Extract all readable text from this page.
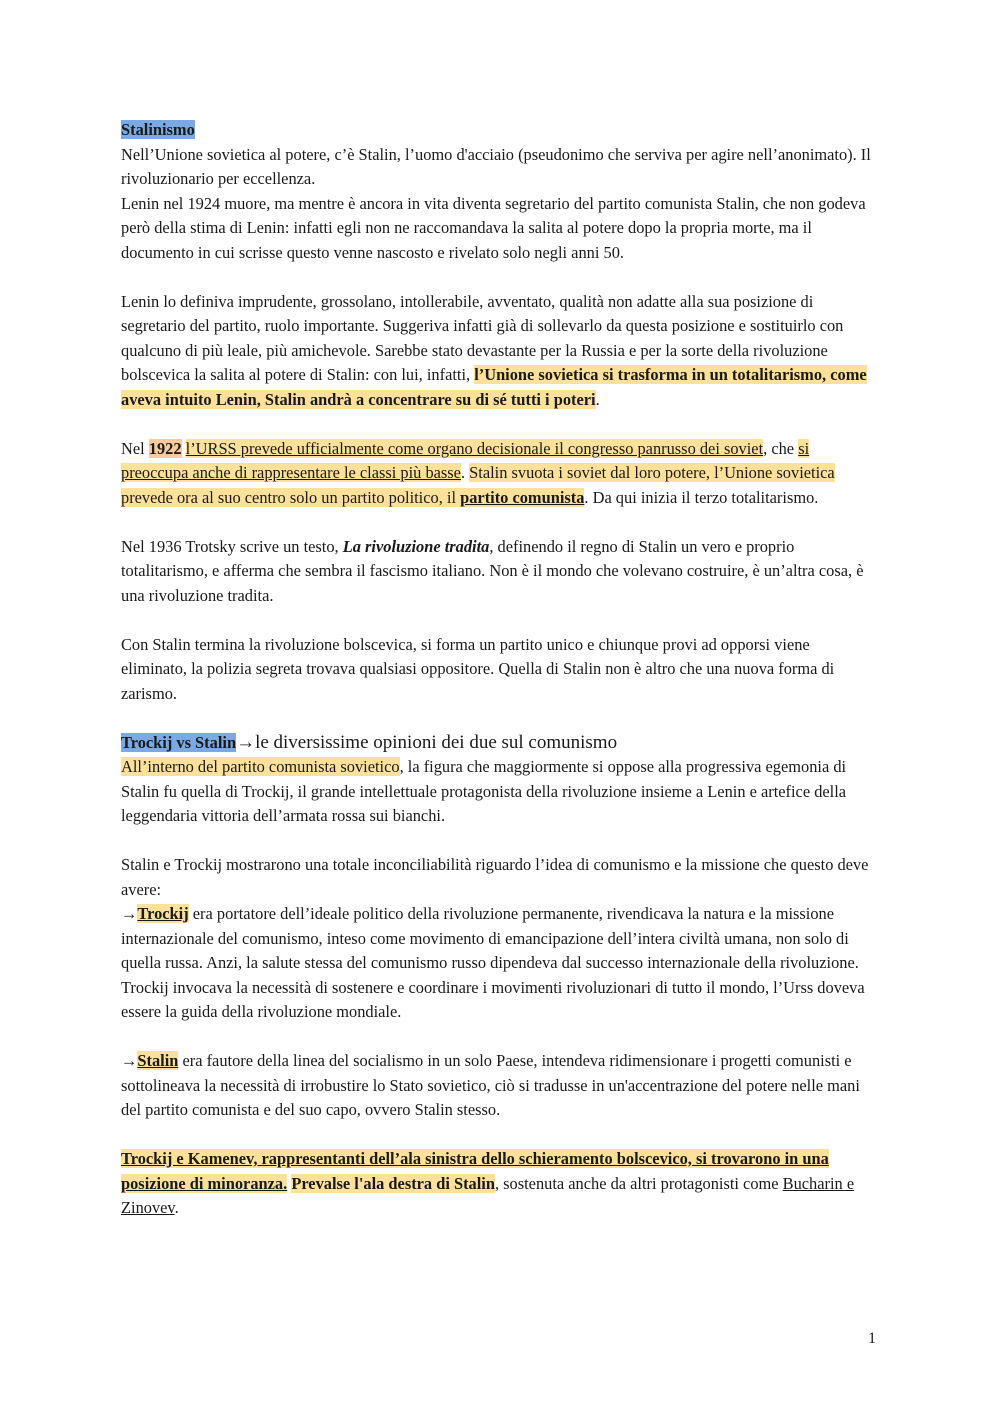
Stalinismo

Nell’Unione sovietica al potere, c’è Stalin, l’uomo d'acciaio (pseudonimo che serviva per agire nell’anonimato). Il rivoluzionario per eccellenza.

Lenin nel 1924 muore, ma mentre è ancora in vita diventa segretario del partito comunista Stalin, che non godeva però della stima di Lenin: infatti egli non ne raccomandava la salita al potere dopo la propria morte, ma il documento in cui scrisse questo venne nascosto e rivelato solo negli anni 50.

Lenin lo definiva imprudente, grossolano, intollerabile, avventato, qualità non adatte alla sua posizione di segretario del partito, ruolo importante. Suggeriva infatti già di sollevarlo da questa posizione e sostituirlo con qualcuno di più leale, più amichevole. Sarebbe stato devastante per la Russia e per la sorte della rivoluzione bolscevica la salita al potere di Stalin: con lui, infatti, l’Unione sovietica si trasforma in un totalitarismo, come aveva intuito Lenin, Stalin andrà a concentrare su di sé tutti i poteri.

Nel 1922 l’URSS prevede ufficialmente come organo decisionale il congresso panrusso dei soviet, che si preoccupa anche di rappresentare le classi più basse. Stalin svuota i soviet dal loro potere, l’Unione sovietica prevede ora al suo centro solo un partito politico, il partito comunista. Da qui inizia il terzo totalitarismo.

Nel 1936 Trotsky scrive un testo, La rivoluzione tradita, definendo il regno di Stalin un vero e proprio totalitarismo, e afferma che sembra il fascismo italiano. Non è il mondo che volevano costruire, è un’altra cosa, è una rivoluzione tradita.

Con Stalin termina la rivoluzione bolscevica, si forma un partito unico e chiunque provi ad opporsi viene eliminato, la polizia segreta trovava qualsiasi oppositore. Quella di Stalin non è altro che una nuova forma di zarismo.

Trockij vs Stalin→le diversissime opinioni dei due sul comunismo

All’interno del partito comunista sovietico, la figura che maggiormente si oppose alla progressiva egemonia di Stalin fu quella di Trockij, il grande intellettuale protagonista della rivoluzione insieme a Lenin e artefice della leggendaria vittoria dell’armata rossa sui bianchi.

Stalin e Trockij mostrarono una totale inconciliabilità riguardo l’idea di comunismo e la missione che questo deve avere:

→Trockij era portatore dell’ideale politico della rivoluzione permanente, rivendicava la natura e la missione internazionale del comunismo, inteso come movimento di emancipazione dell’intera civiltà umana, non solo di quella russa. Anzi, la salute stessa del comunismo russo dipendeva dal successo internazionale della rivoluzione. Trockij invocava la necessità di sostenere e coordinare i movimenti rivoluzionari di tutto il mondo, l’Urss doveva essere la guida della rivoluzione mondiale.

→Stalin era fautore della linea del socialismo in un solo Paese, intendeva ridimensionare i progetti comunisti e sottolineava la necessità di irrobustire lo Stato sovietico, ciò si tradusse in un'accentrazione del potere nelle mani del partito comunista e del suo capo, ovvero Stalin stesso.

Trockij e Kamenev, rappresentanti dell’ala sinistra dello schieramento bolscevico, si trovarono in una posizione di minoranza. Prevalse l'ala destra di Stalin, sostenuta anche da altri protagonisti come Bucharin e Zinovev.

1
